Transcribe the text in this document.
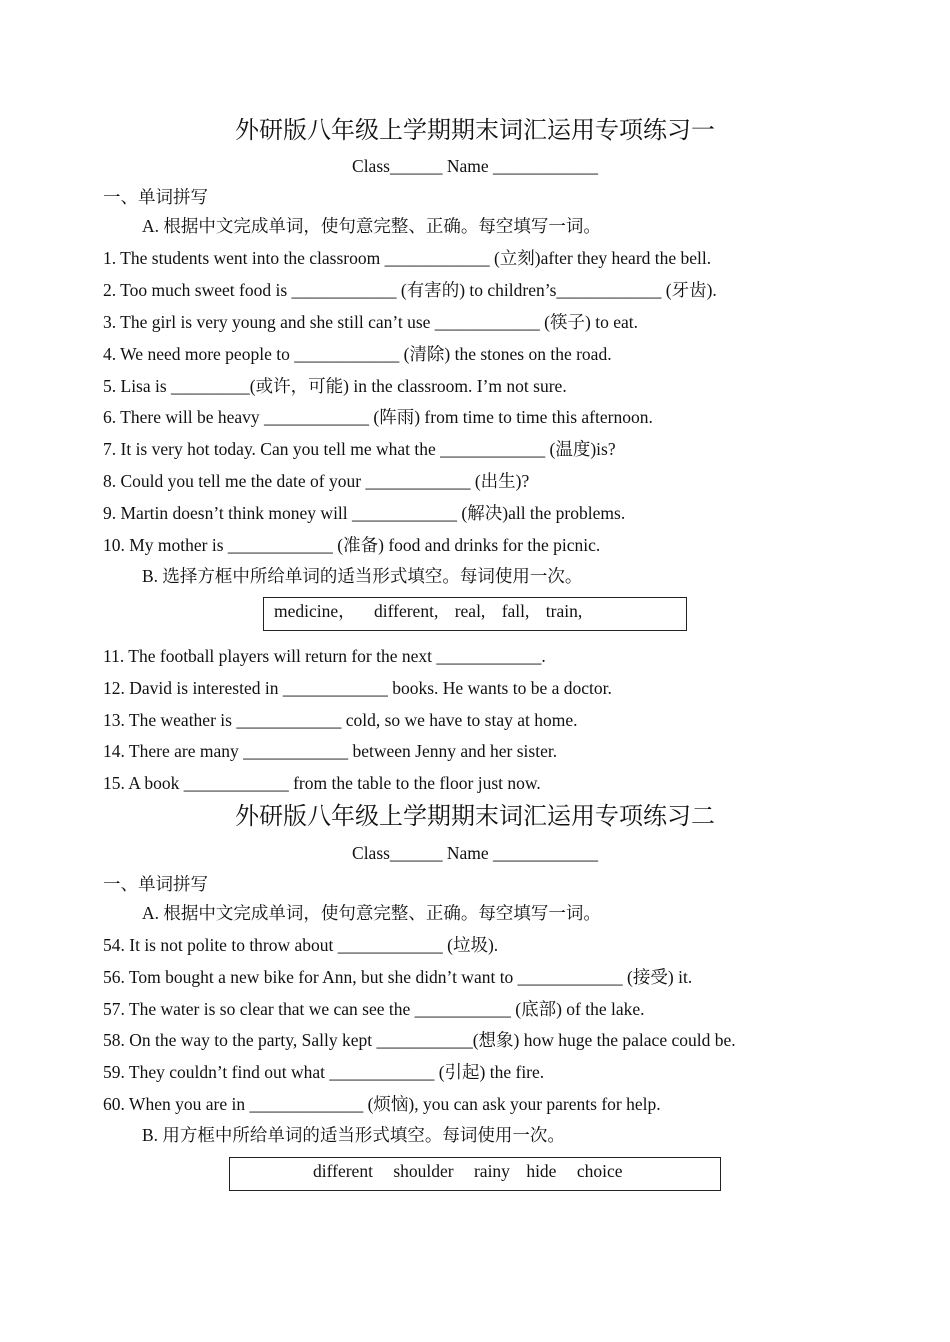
外研版八年级上学期期末词汇运用专项练习一
Class______ Name ____________
一、单词拼写
A. 根据中文完成单词，使句意完整、正确。每空填写一词。
1. The students went into the classroom ____________ (立刻)after they heard the bell.
2. Too much sweet food is ____________ (有害的) to children’s____________ (牙齿).
3. The girl is very young and she still can’t use ____________ (筷子) to eat.
4. We need more people to ____________ (清除) the stones on the road.
5. Lisa is _________(或许，可能) in the classroom. I’m not sure.
6. There will be heavy ____________ (阵雨) from time to time this afternoon.
7. It is very hot today. Can you tell me what the ____________ (温度)is?
8. Could you tell me the date of your ____________ (出生)?
9. Martin doesn’t think money will ____________ (解决)all the problems.
10. My mother is ____________ (准备) food and drinks for the picnic.
B. 选择方框中所给单词的适当形式填空。每词使用一次。
medicine， different, real, fall, train,
11. The football players will return for the next ____________.
12. David is interested in ____________ books. He wants to be a doctor.
13. The weather is ____________ cold, so we have to stay at home.
14. There are many ____________ between Jenny and her sister.
15. A book ____________ from the table to the floor just now.
外研版八年级上学期期末词汇运用专项练习二
Class______ Name ____________
一、单词拼写
A. 根据中文完成单词，使句意完整、正确。每空填写一词。
54. It is not polite to throw about ____________ (垃圾).
56. Tom bought a new bike for Ann, but she didn’t want to ____________ (接受) it.
57. The water is so clear that we can see the ___________ (底部) of the lake.
58. On the way to the party, Sally kept ___________(想象) how huge the palace could be.
59. They couldn’t find out what ____________ (引起) the fire.
60. When you are in _____________ (烦恼), you can ask your parents for help.
B. 用方框中所给单词的适当形式填空。每词使用一次。
different shoulder rainy hide choice
